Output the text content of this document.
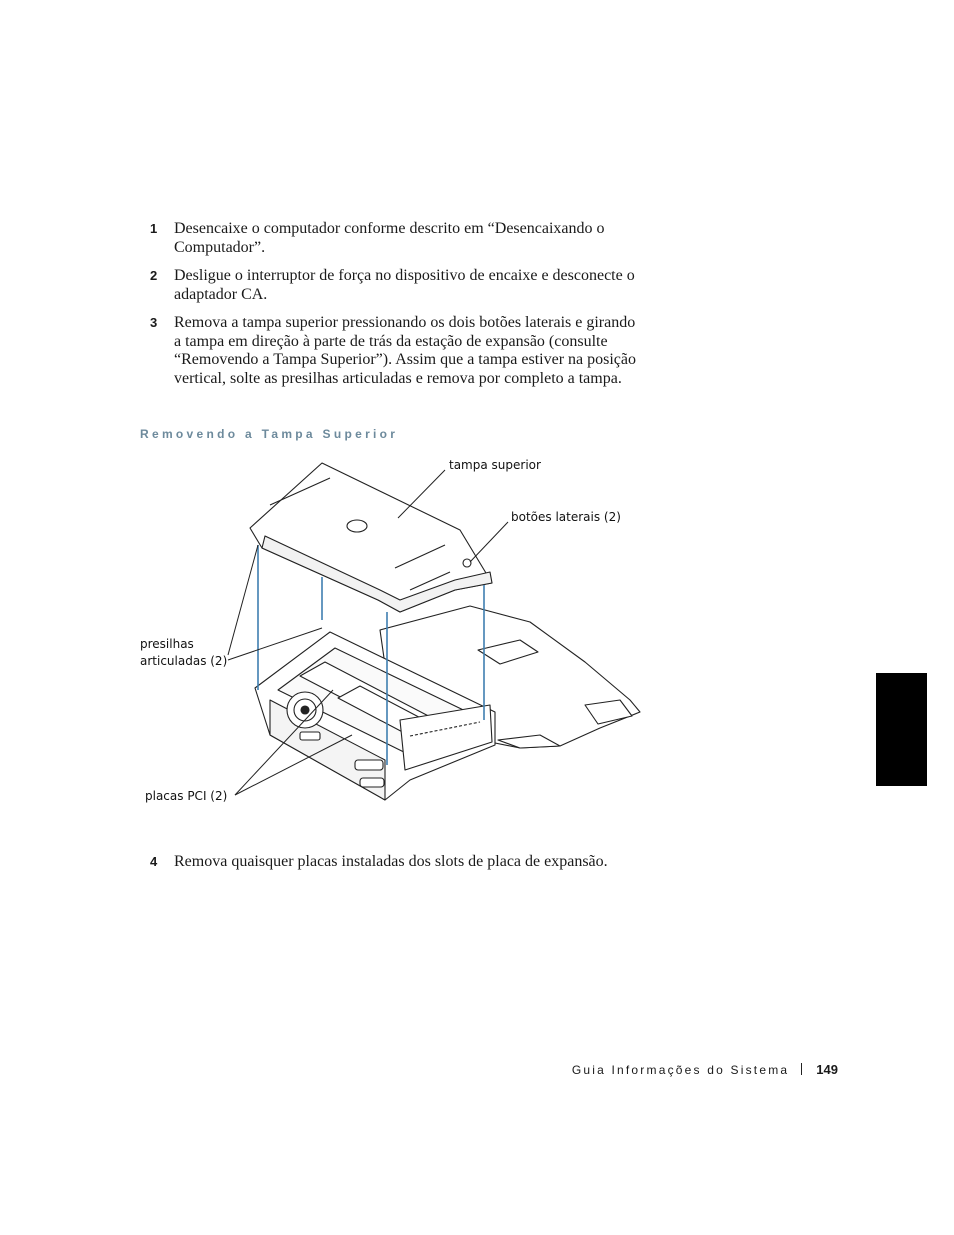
1	Desencaixe o computador conforme descrito em “Desencaixando o Computador”.
2	Desligue o interruptor de força no dispositivo de encaixe e desconecte o adaptador CA.
3	Remova a tampa superior pressionando os dois botões laterais e girando a tampa em direção à parte de trás da estação de expansão (consulte “Removendo a Tampa Superior”). Assim que a tampa estiver na posição vertical, solte as presilhas articuladas e remova por completo a tampa.
Removendo a Tampa Superior
tampa superior
botões laterais (2)
presilhas
articuladas (2)
placas PCI (2)
4	Remova quaisquer placas instaladas dos slots de placa de expansão.
Guia Informações do Sistema 149
